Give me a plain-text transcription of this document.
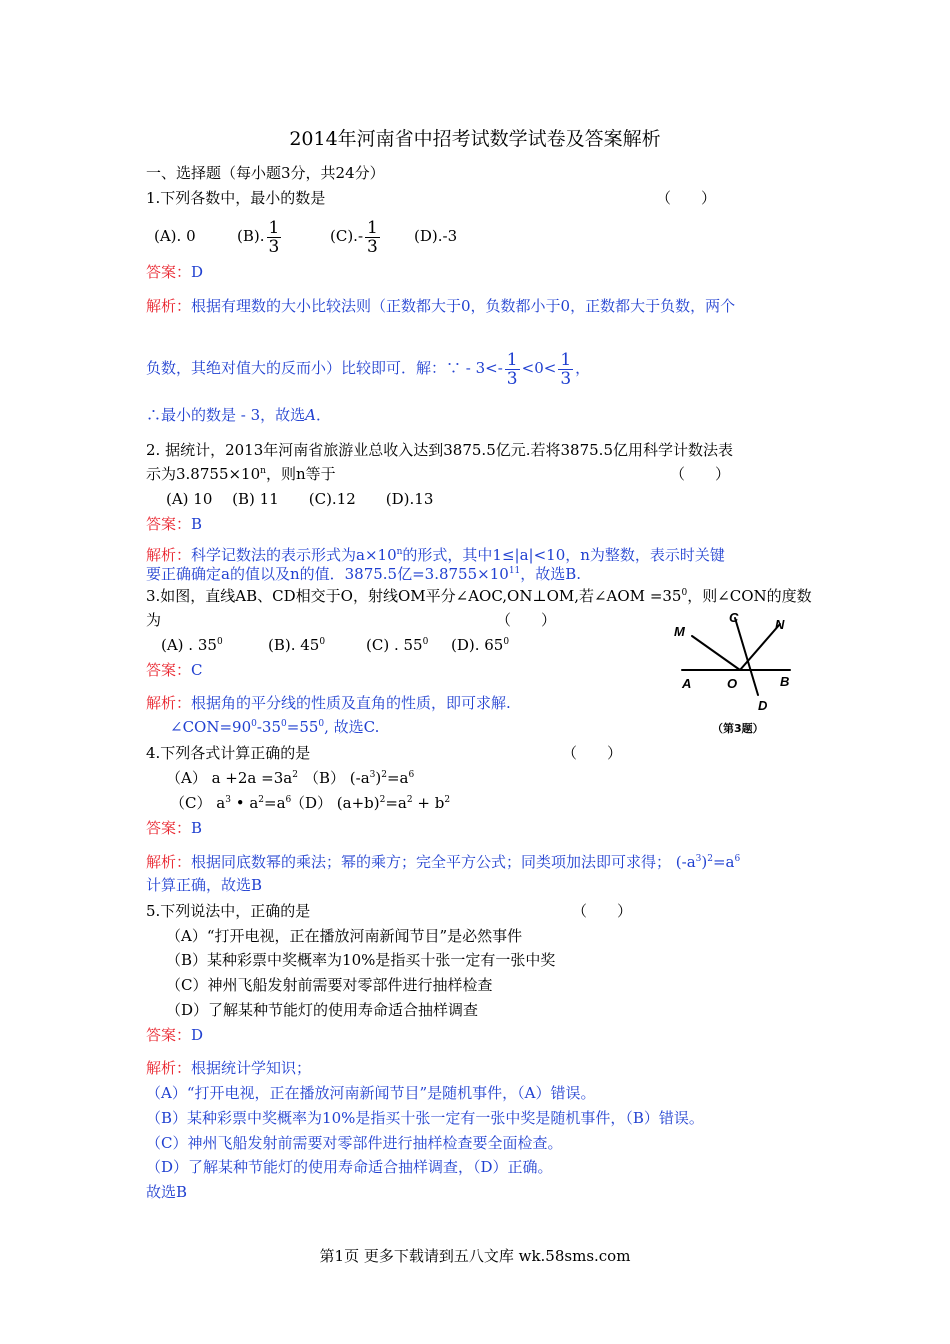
2014年河南省中招考试数学试卷及答案解析
一、选择题（每小题3分，共24分）
1.下列各数中，最小的数是	（　　）
(A). 0	(B). $\frac{1}{3}$	$(C).- \frac{1}{3} (D).-3$
答案：D
解析：根据有理数的大小比较法则（正数都大于0，负数都小于0，正数都大于负数，两个
负数，其绝对值大的反而小）比较即可．解：∵ - $3<- \frac{1}{3} <0< \frac{1}{3}$ ，
∴最小的数是 - 3，故选A．
2. 据统计，2013年河南省旅游业总收入达到3875.5亿元.若将3875.5亿用科学计数法表
示为$3.8755\times 10^n$，则n等于	（　　）
(A) 10　 (B) 11　　(C).12　　(D).13
答案：B
解析：科学记数法的表示形式为$a\times 10^n$的形式，其中1≤|a|<10，n为整数，表示时关键
要正确确定a的值以及n的值．3875.5亿$=3.8755\times 10^{11}$，故选B.
3.如图，直线AB、CD相交于O，射线OM平分∠AOC,ON⊥OM,若∠AOM $=35^0$，则∠CON的度数
为	（　　）
(A) . $35^0$	(B). $45^0$	(C) . $55^0$ (D). $65^0$
答案：C
解析：根据角的平分线的性质及直角的性质，即可求解.
$\angle CON=90^0-35^0=55^0$, 故选C.
M
C	N
A	O	B
D
（第3题）
4.下列各式计算正确的是	（　　）
（A） $a +2a =3a^2$ （B） $(-a^3)^2=a^6$
（C） $a^3$ • $a^2=a^6$
（D） $(a+b)^2=a^2 + b^2$
答案：B
解析：根据同底数幂的乘法；幂的乘方；完全平方公式；同类项加法即可求得； $(-a^3)^2=a^6$
计算正确，故选B
5.下列说法中，正确的是	（　　）
（A）“打开电视，正在播放河南新闻节目”是必然事件
（B）某种彩票中奖概率为10%是指买十张一定有一张中奖
（C）神州飞船发射前需要对零部件进行抽样检查
（D）了解某种节能灯的使用寿命适合抽样调查
答案：D
解析：根据统计学知识；
（A）“打开电视，正在播放河南新闻节目”是随机事件，（A）错误。
（B）某种彩票中奖概率为10%是指买十张一定有一张中奖是随机事件，（B）错误。
（C）神州飞船发射前需要对零部件进行抽样检查要全面检查。
（D）了解某种节能灯的使用寿命适合抽样调查，（D）正确。
故选B
第1页 更多下载请到五八文库 wk.58sms.com
